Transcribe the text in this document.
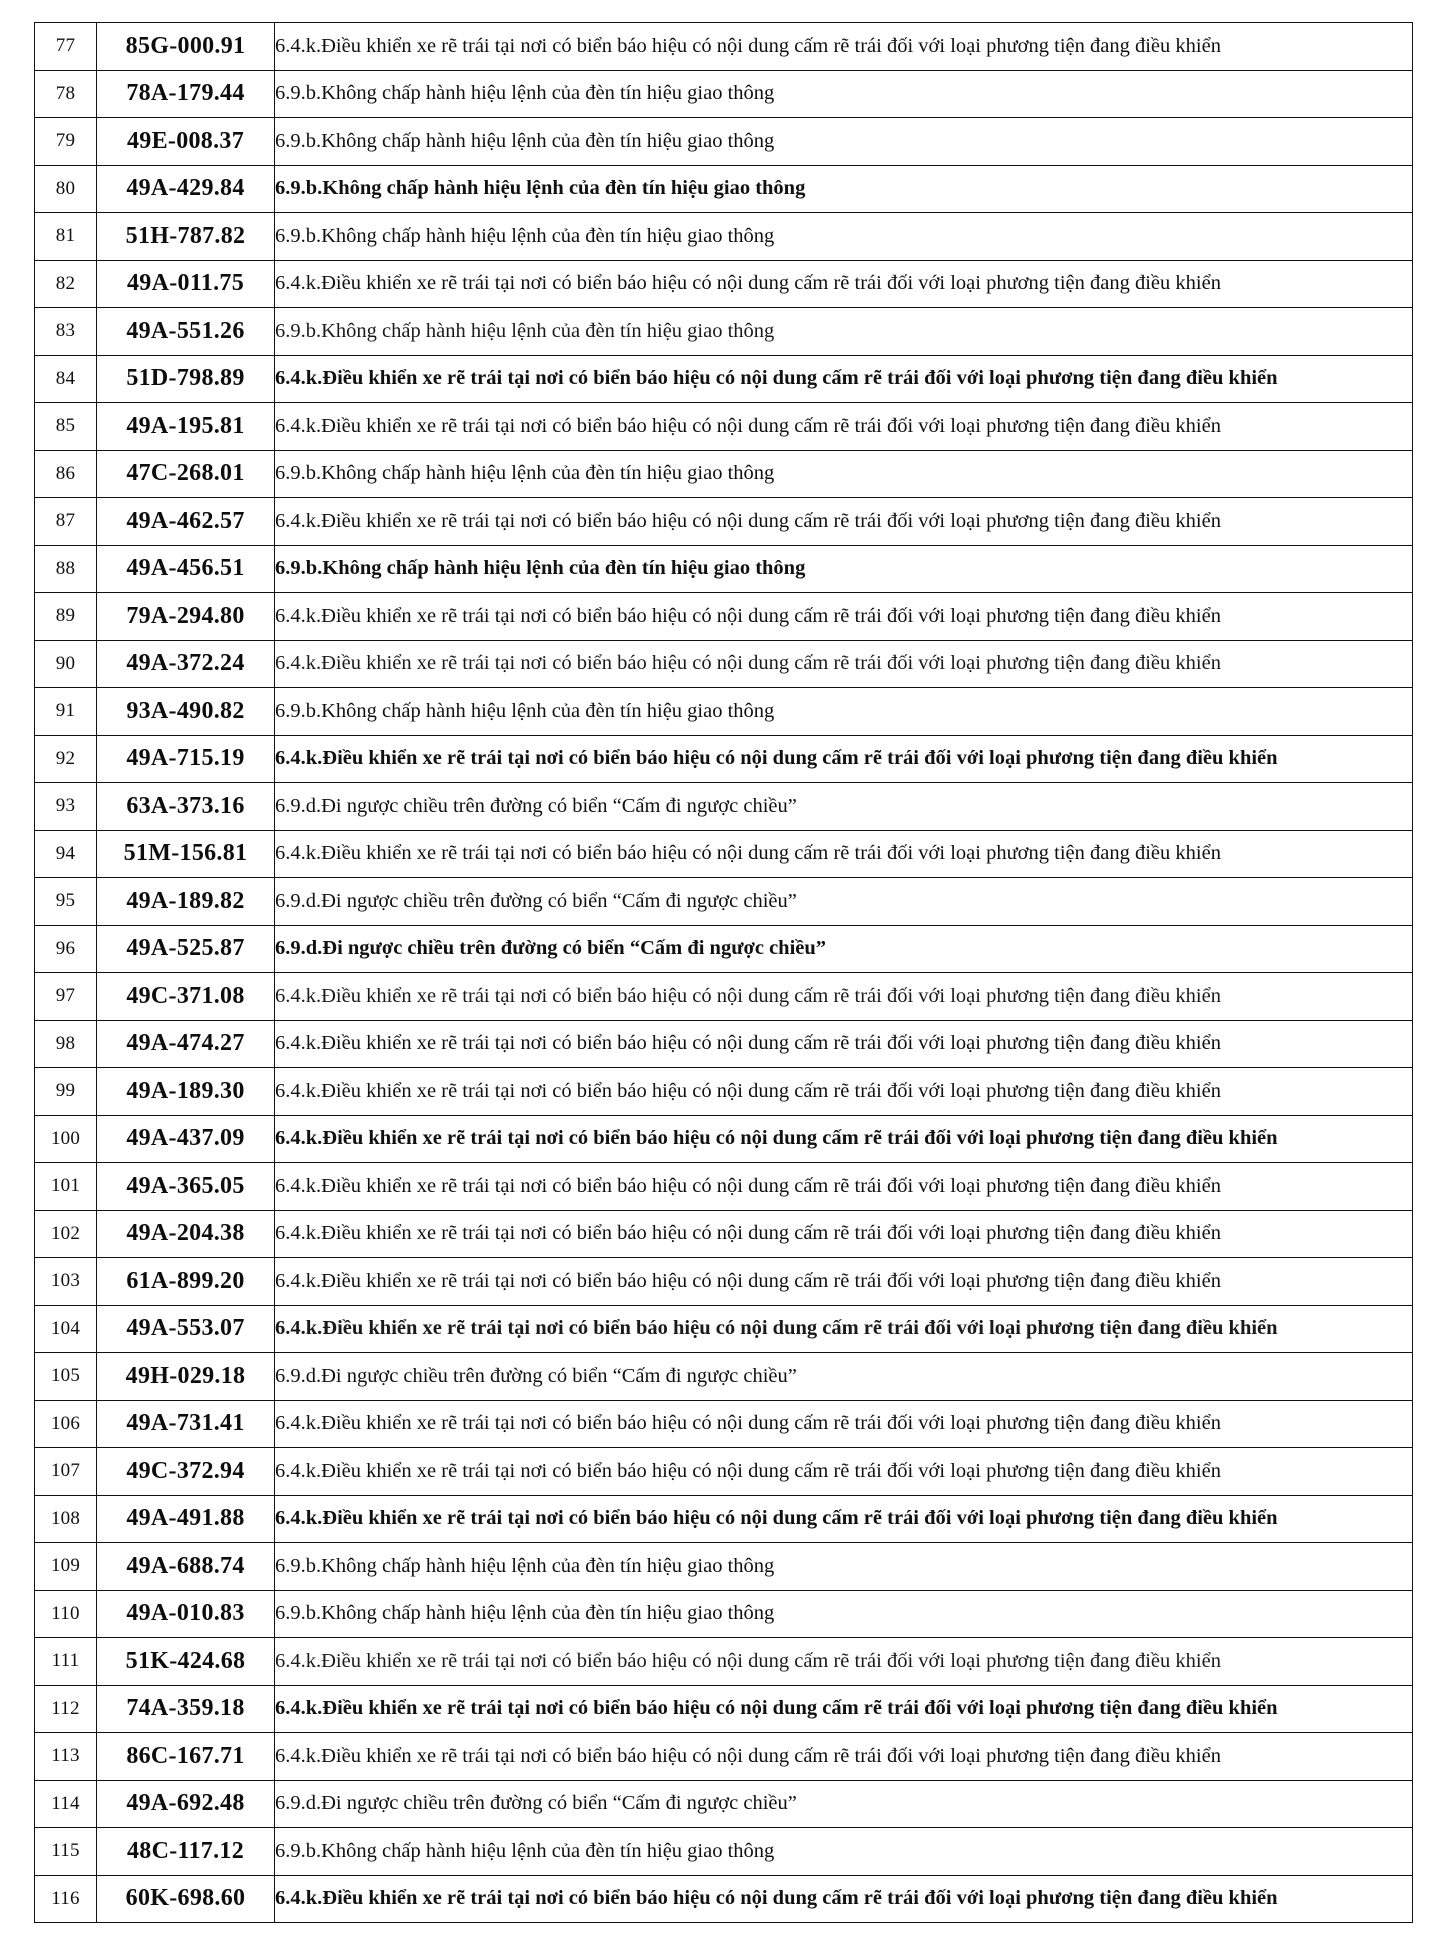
77	85G-000.91	6.4.k.Điều khiển xe rẽ trái tại nơi có biển báo hiệu có nội dung cấm rẽ trái đối với loại phương tiện đang điều khiển
78	78A-179.44	6.9.b.Không chấp hành hiệu lệnh của đèn tín hiệu giao thông
79	49E-008.37	6.9.b.Không chấp hành hiệu lệnh của đèn tín hiệu giao thông
80	49A-429.84	6.9.b.Không chấp hành hiệu lệnh của đèn tín hiệu giao thông
81	51H-787.82	6.9.b.Không chấp hành hiệu lệnh của đèn tín hiệu giao thông
82	49A-011.75	6.4.k.Điều khiển xe rẽ trái tại nơi có biển báo hiệu có nội dung cấm rẽ trái đối với loại phương tiện đang điều khiển
83	49A-551.26	6.9.b.Không chấp hành hiệu lệnh của đèn tín hiệu giao thông
84	51D-798.89	6.4.k.Điều khiển xe rẽ trái tại nơi có biển báo hiệu có nội dung cấm rẽ trái đối với loại phương tiện đang điều khiển
85	49A-195.81	6.4.k.Điều khiển xe rẽ trái tại nơi có biển báo hiệu có nội dung cấm rẽ trái đối với loại phương tiện đang điều khiển
86	47C-268.01	6.9.b.Không chấp hành hiệu lệnh của đèn tín hiệu giao thông
87	49A-462.57	6.4.k.Điều khiển xe rẽ trái tại nơi có biển báo hiệu có nội dung cấm rẽ trái đối với loại phương tiện đang điều khiển
88	49A-456.51	6.9.b.Không chấp hành hiệu lệnh của đèn tín hiệu giao thông
89	79A-294.80	6.4.k.Điều khiển xe rẽ trái tại nơi có biển báo hiệu có nội dung cấm rẽ trái đối với loại phương tiện đang điều khiển
90	49A-372.24	6.4.k.Điều khiển xe rẽ trái tại nơi có biển báo hiệu có nội dung cấm rẽ trái đối với loại phương tiện đang điều khiển
91	93A-490.82	6.9.b.Không chấp hành hiệu lệnh của đèn tín hiệu giao thông
92	49A-715.19	6.4.k.Điều khiển xe rẽ trái tại nơi có biển báo hiệu có nội dung cấm rẽ trái đối với loại phương tiện đang điều khiển
93	63A-373.16	6.9.d.Đi ngược chiều trên đường có biển “Cấm đi ngược chiều”
94	51M-156.81	6.4.k.Điều khiển xe rẽ trái tại nơi có biển báo hiệu có nội dung cấm rẽ trái đối với loại phương tiện đang điều khiển
95	49A-189.82	6.9.d.Đi ngược chiều trên đường có biển “Cấm đi ngược chiều”
96	49A-525.87	6.9.d.Đi ngược chiều trên đường có biển “Cấm đi ngược chiều”
97	49C-371.08	6.4.k.Điều khiển xe rẽ trái tại nơi có biển báo hiệu có nội dung cấm rẽ trái đối với loại phương tiện đang điều khiển
98	49A-474.27	6.4.k.Điều khiển xe rẽ trái tại nơi có biển báo hiệu có nội dung cấm rẽ trái đối với loại phương tiện đang điều khiển
99	49A-189.30	6.4.k.Điều khiển xe rẽ trái tại nơi có biển báo hiệu có nội dung cấm rẽ trái đối với loại phương tiện đang điều khiển
100	49A-437.09	6.4.k.Điều khiển xe rẽ trái tại nơi có biển báo hiệu có nội dung cấm rẽ trái đối với loại phương tiện đang điều khiển
101	49A-365.05	6.4.k.Điều khiển xe rẽ trái tại nơi có biển báo hiệu có nội dung cấm rẽ trái đối với loại phương tiện đang điều khiển
102	49A-204.38	6.4.k.Điều khiển xe rẽ trái tại nơi có biển báo hiệu có nội dung cấm rẽ trái đối với loại phương tiện đang điều khiển
103	61A-899.20	6.4.k.Điều khiển xe rẽ trái tại nơi có biển báo hiệu có nội dung cấm rẽ trái đối với loại phương tiện đang điều khiển
104	49A-553.07	6.4.k.Điều khiển xe rẽ trái tại nơi có biển báo hiệu có nội dung cấm rẽ trái đối với loại phương tiện đang điều khiển
105	49H-029.18	6.9.d.Đi ngược chiều trên đường có biển “Cấm đi ngược chiều”
106	49A-731.41	6.4.k.Điều khiển xe rẽ trái tại nơi có biển báo hiệu có nội dung cấm rẽ trái đối với loại phương tiện đang điều khiển
107	49C-372.94	6.4.k.Điều khiển xe rẽ trái tại nơi có biển báo hiệu có nội dung cấm rẽ trái đối với loại phương tiện đang điều khiển
108	49A-491.88	6.4.k.Điều khiển xe rẽ trái tại nơi có biển báo hiệu có nội dung cấm rẽ trái đối với loại phương tiện đang điều khiển
109	49A-688.74	6.9.b.Không chấp hành hiệu lệnh của đèn tín hiệu giao thông
110	49A-010.83	6.9.b.Không chấp hành hiệu lệnh của đèn tín hiệu giao thông
111	51K-424.68	6.4.k.Điều khiển xe rẽ trái tại nơi có biển báo hiệu có nội dung cấm rẽ trái đối với loại phương tiện đang điều khiển
112	74A-359.18	6.4.k.Điều khiển xe rẽ trái tại nơi có biển báo hiệu có nội dung cấm rẽ trái đối với loại phương tiện đang điều khiển
113	86C-167.71	6.4.k.Điều khiển xe rẽ trái tại nơi có biển báo hiệu có nội dung cấm rẽ trái đối với loại phương tiện đang điều khiển
114	49A-692.48	6.9.d.Đi ngược chiều trên đường có biển “Cấm đi ngược chiều”
115	48C-117.12	6.9.b.Không chấp hành hiệu lệnh của đèn tín hiệu giao thông
116	60K-698.60	6.4.k.Điều khiển xe rẽ trái tại nơi có biển báo hiệu có nội dung cấm rẽ trái đối với loại phương tiện đang điều khiển
